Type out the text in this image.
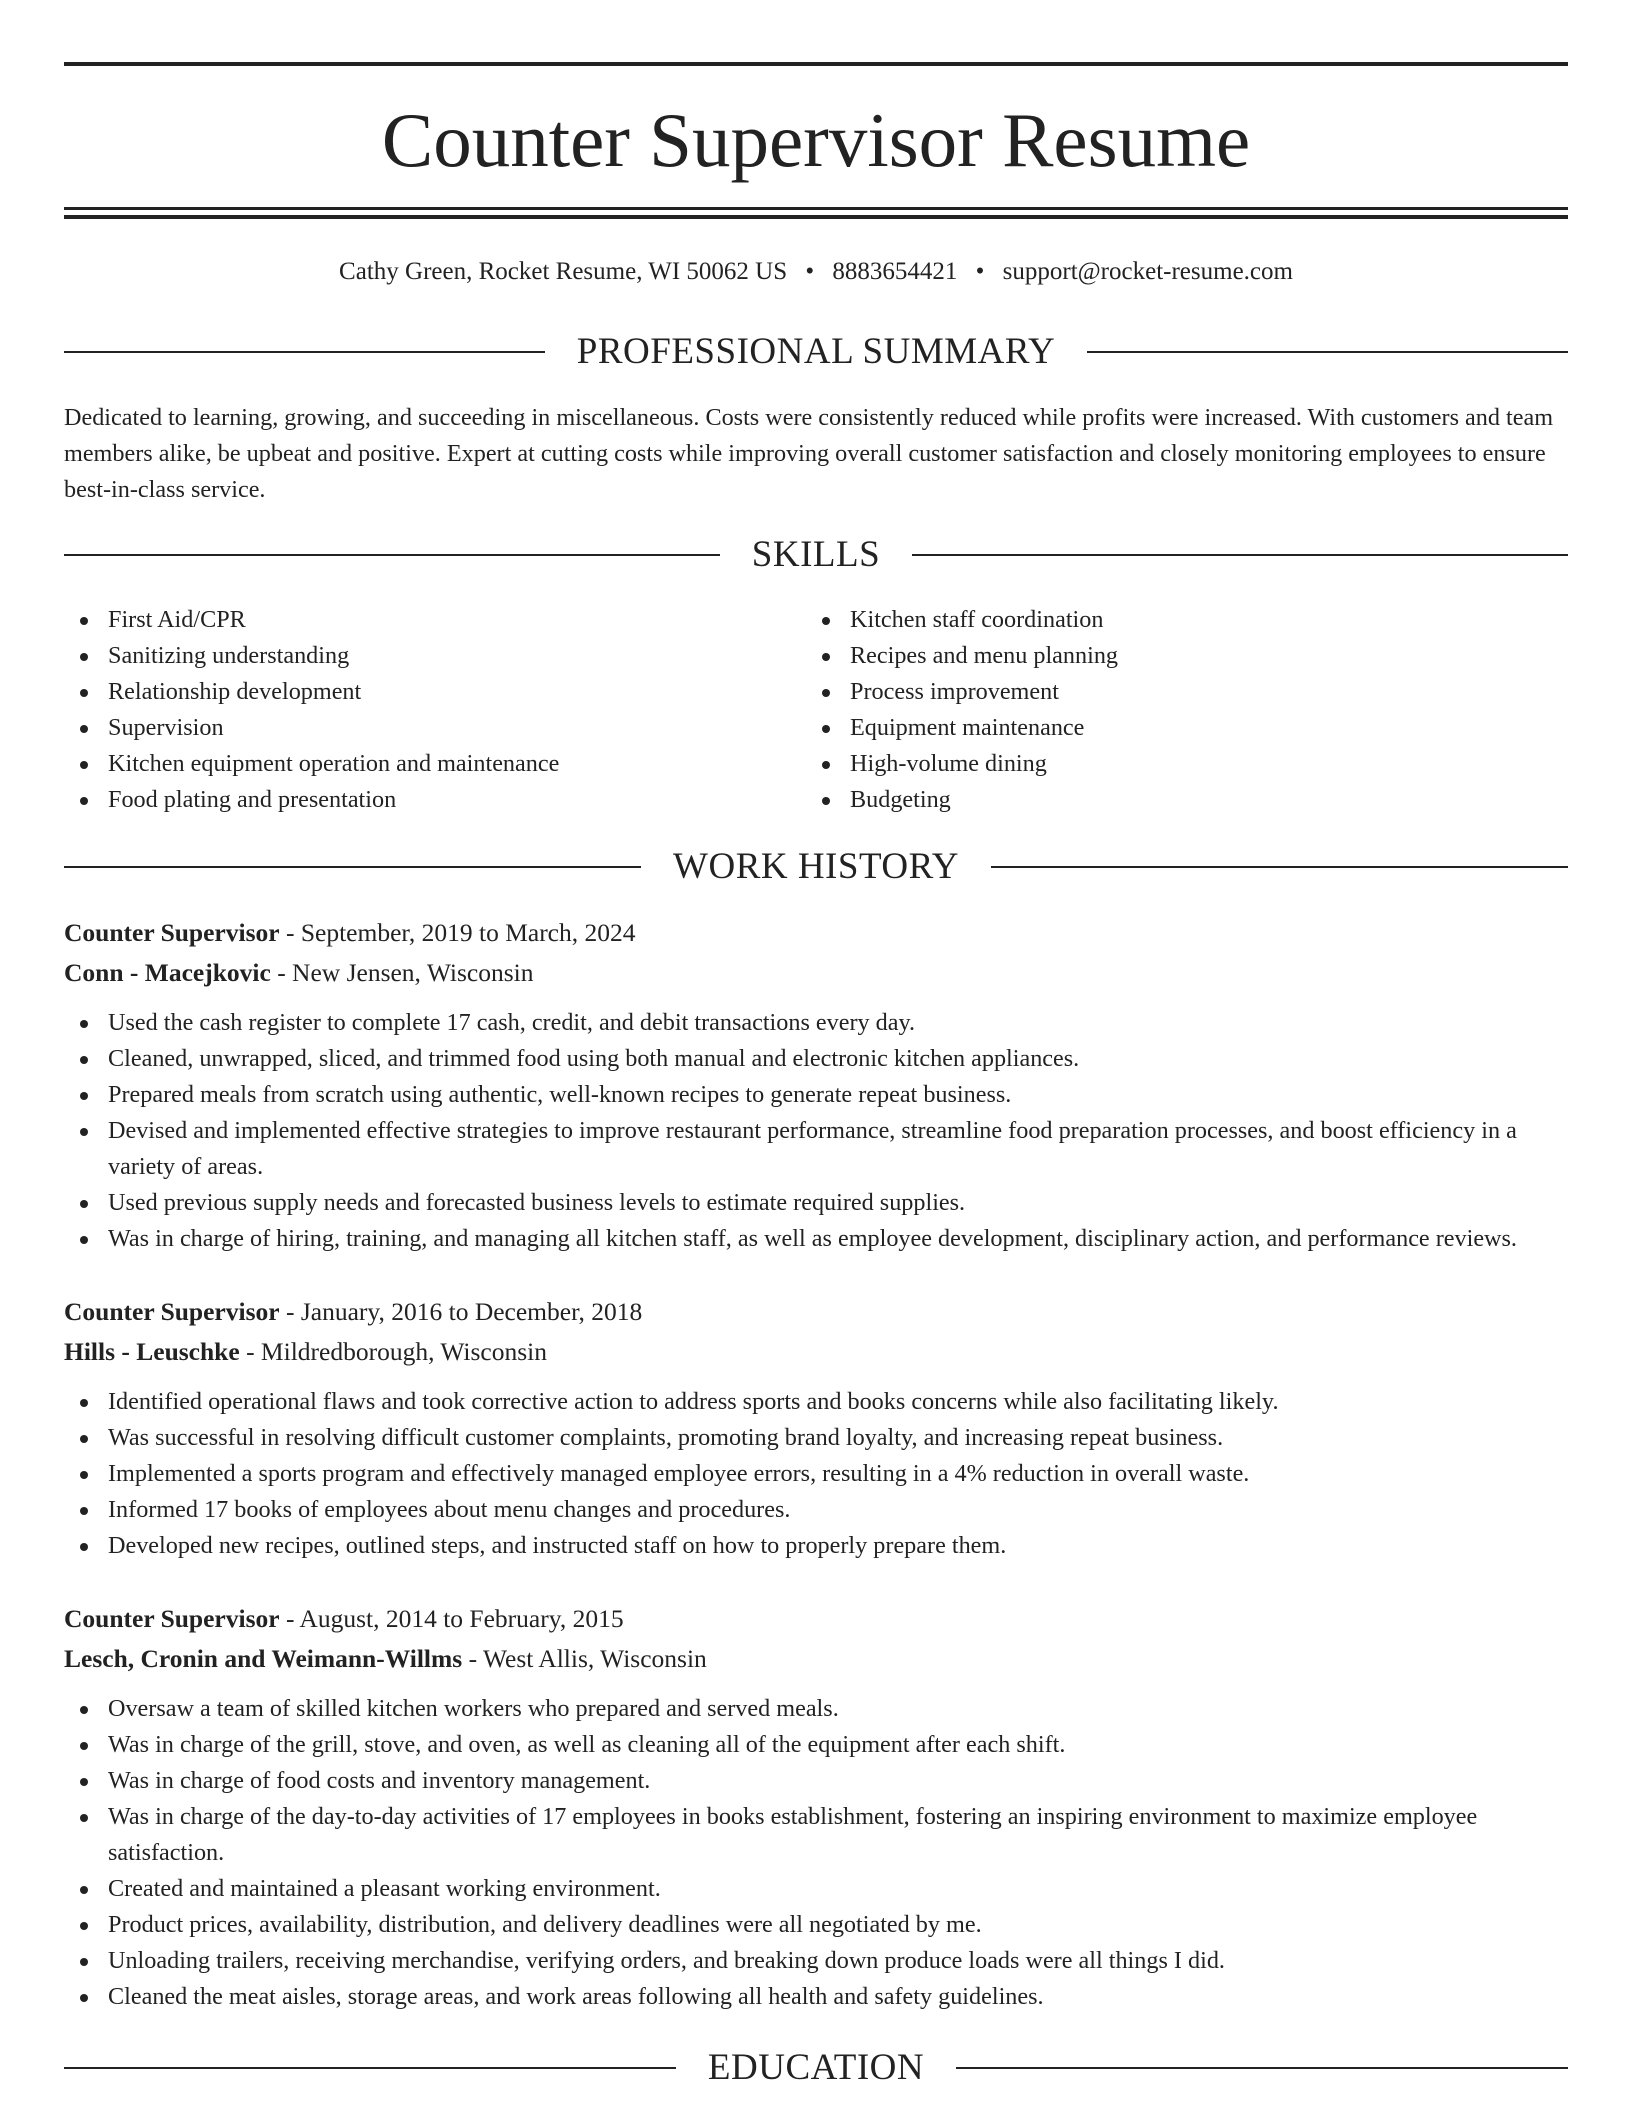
Counter Supervisor Resume
Cathy Green, Rocket Resume, WI 50062 US • 8883654421 • support@rocket-resume.com
PROFESSIONAL SUMMARY
Dedicated to learning, growing, and succeeding in miscellaneous. Costs were consistently reduced while profits were increased. With customers and team members alike, be upbeat and positive. Expert at cutting costs while improving overall customer satisfaction and closely monitoring employees to ensure best-in-class service.
SKILLS
First Aid/CPR
Sanitizing understanding
Relationship development
Supervision
Kitchen equipment operation and maintenance
Food plating and presentation
Kitchen staff coordination
Recipes and menu planning
Process improvement
Equipment maintenance
High-volume dining
Budgeting
WORK HISTORY
Counter Supervisor - September, 2019 to March, 2024
Conn - Macejkovic - New Jensen, Wisconsin
Used the cash register to complete 17 cash, credit, and debit transactions every day.
Cleaned, unwrapped, sliced, and trimmed food using both manual and electronic kitchen appliances.
Prepared meals from scratch using authentic, well-known recipes to generate repeat business.
Devised and implemented effective strategies to improve restaurant performance, streamline food preparation processes, and boost efficiency in a variety of areas.
Used previous supply needs and forecasted business levels to estimate required supplies.
Was in charge of hiring, training, and managing all kitchen staff, as well as employee development, disciplinary action, and performance reviews.
Counter Supervisor - January, 2016 to December, 2018
Hills - Leuschke - Mildredborough, Wisconsin
Identified operational flaws and took corrective action to address sports and books concerns while also facilitating likely.
Was successful in resolving difficult customer complaints, promoting brand loyalty, and increasing repeat business.
Implemented a sports program and effectively managed employee errors, resulting in a 4% reduction in overall waste.
Informed 17 books of employees about menu changes and procedures.
Developed new recipes, outlined steps, and instructed staff on how to properly prepare them.
Counter Supervisor - August, 2014 to February, 2015
Lesch, Cronin and Weimann-Willms - West Allis, Wisconsin
Oversaw a team of skilled kitchen workers who prepared and served meals.
Was in charge of the grill, stove, and oven, as well as cleaning all of the equipment after each shift.
Was in charge of food costs and inventory management.
Was in charge of the day-to-day activities of 17 employees in books establishment, fostering an inspiring environment to maximize employee satisfaction.
Created and maintained a pleasant working environment.
Product prices, availability, distribution, and delivery deadlines were all negotiated by me.
Unloading trailers, receiving merchandise, verifying orders, and breaking down produce loads were all things I did.
Cleaned the meat aisles, storage areas, and work areas following all health and safety guidelines.
EDUCATION
